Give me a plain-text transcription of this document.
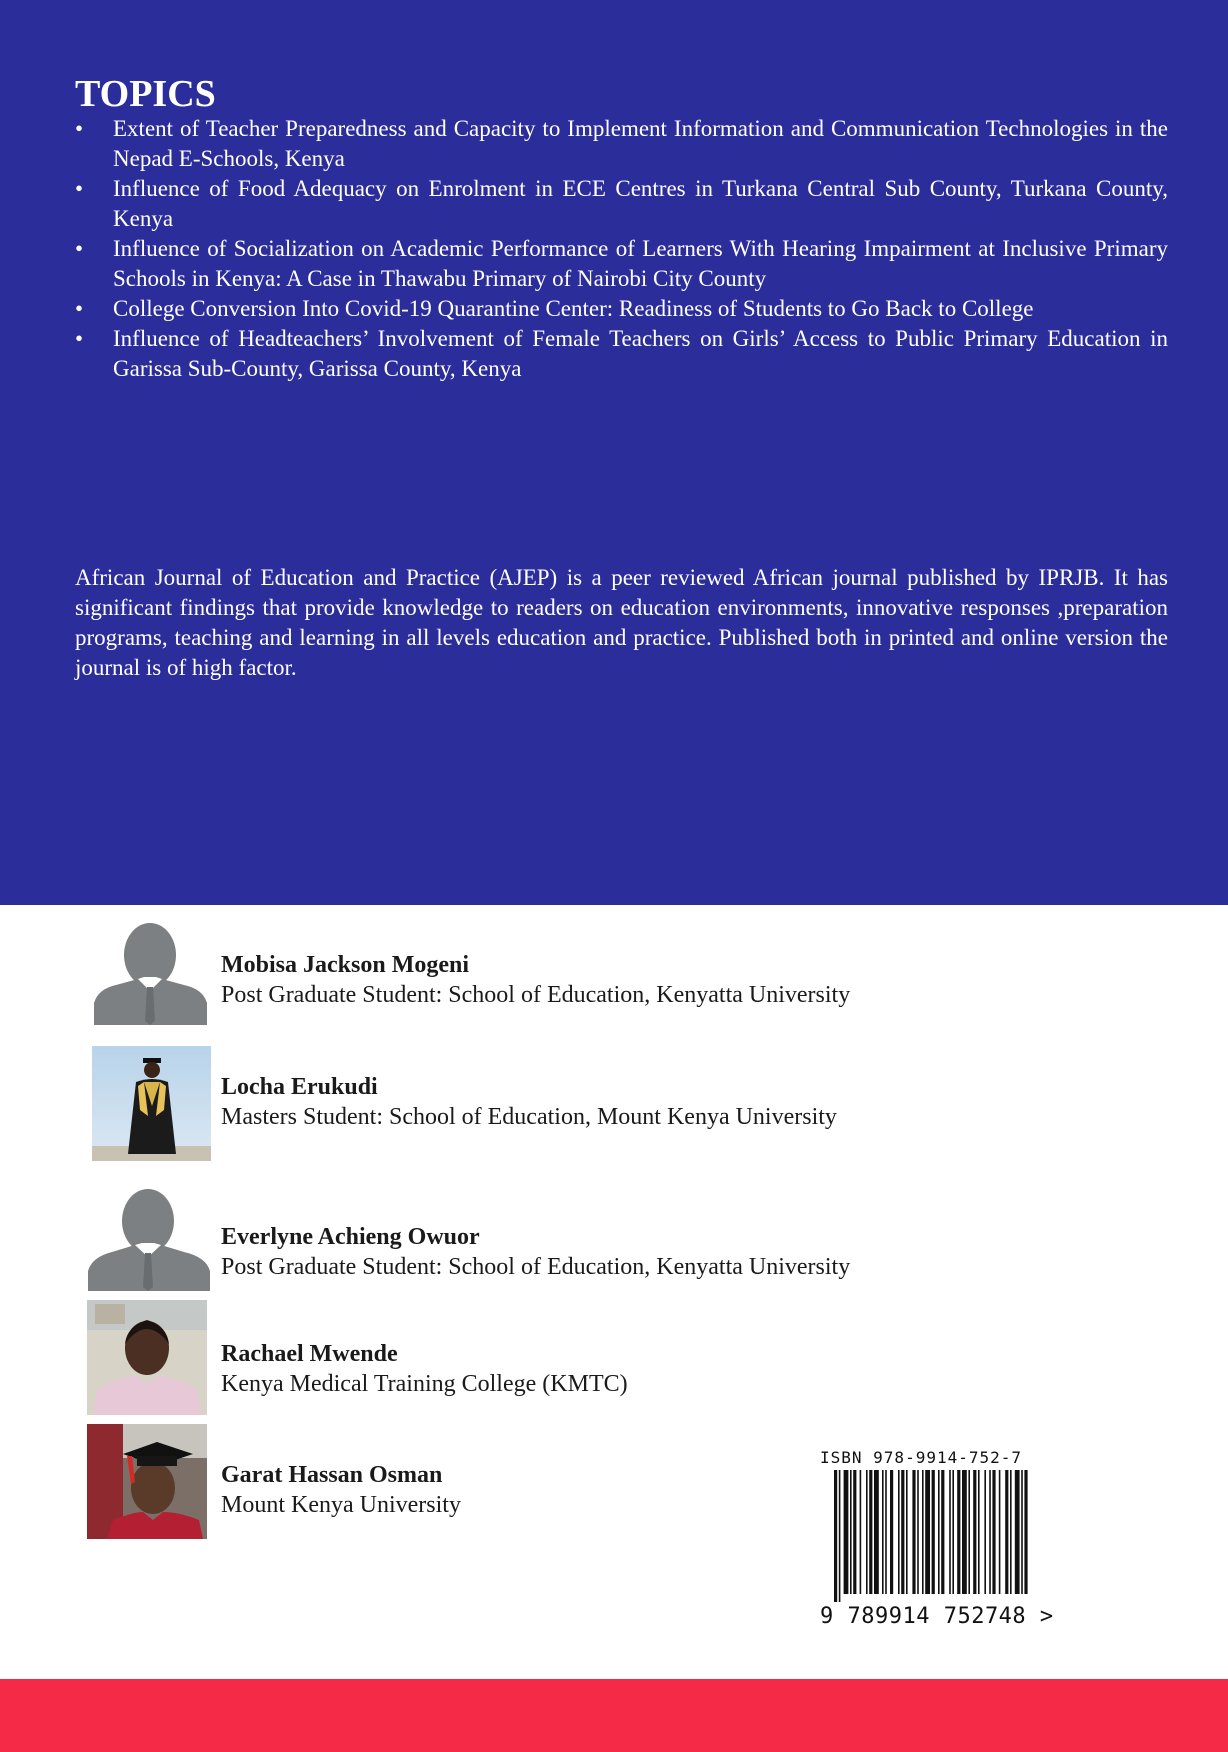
TOPICS
• Extent of Teacher Preparedness and Capacity to Implement Information and Communication Technologies in the Nepad E-Schools, Kenya
• Influence of Food Adequacy on Enrolment in ECE Centres in Turkana Central Sub County, Turkana County, Kenya
• Influence of Socialization on Academic Performance of Learners With Hearing Impairment at Inclusive Primary Schools in Kenya: A Case in Thawabu Primary of Nairobi City County
• College Conversion Into Covid-19 Quarantine Center: Readiness of Students to Go Back to College
• Influence of Headteachers’ Involvement of Female Teachers on Girls’ Access to Public Primary Education in Garissa Sub-County, Garissa County, Kenya

African Journal of Education and Practice (AJEP) is a peer reviewed African journal published by IPRJB. It has significant findings that provide knowledge to readers on education environments, innovative responses ,preparation programs, teaching and learning in all levels education and practice. Published both in printed and online version the journal is of high factor.

Mobisa Jackson Mogeni

Post Graduate Student: School of Education, Kenyatta University

Locha Erukudi

Masters Student: School of Education, Mount Kenya University

Everlyne Achieng Owuor

Post Graduate Student: School of Education, Kenyatta University

Rachael Mwende

Kenya Medical Training College (KMTC)

Garat Hassan Osman

Mount Kenya University

ISBN 978-9914-752-7
9 789914 752748 >
